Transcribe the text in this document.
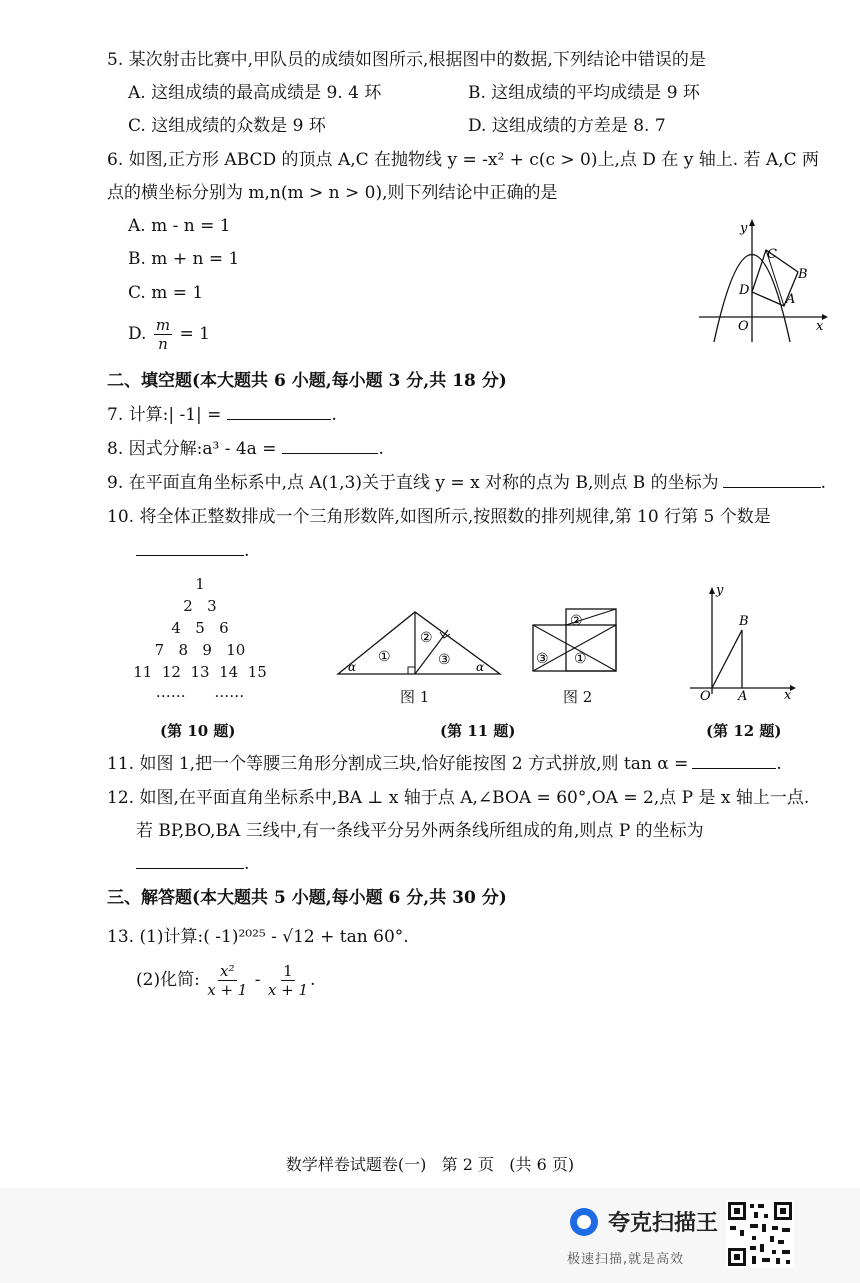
5. 某次射击比赛中,甲队员的成绩如图所示,根据图中的数据,下列结论中错误的是
A. 这组成绩的最高成绩是 9. 4 环	B. 这组成绩的平均成绩是 9 环
C. 这组成绩的众数是 9 环	D. 这组成绩的方差是 8. 7
6. 如图,正方形 ABCD 的顶点 A,C 在抛物线 y = -x² + c(c > 0)上,点 D 在 y 轴上. 若 A,C 两
点的横坐标分别为 m,n(m > n > 0),则下列结论中正确的是
A. m - n = 1
B. m + n = 1
C. m = 1
D. $\frac{m}{n} = 1$
y
x
O
A
B
C
D
二、填空题(本大题共 6 小题,每小题 3 分,共 18 分)
7. 计算:| -1| =	.
8. 因式分解:a³ - 4a =	.
9. 在平面直角坐标系中,点 A(1,3)关于直线 y = x 对称的点为 B,则点 B 的坐标为	.
10. 将全体正整数排成一个三角形数阵,如图所示,按照数的排列规律,第 10 行第 5 个数是
.
1
2   3
4   5   6
7   8   9   10
11  12  13  14  15
……      ……
①
②
③
α	α
图 1
②
③ ①
图 2
y
x
O A
B
(第 10 题)	(第 11 题)	(第 12 题)
11. 如图 1,把一个等腰三角形分割成三块,恰好能按图 2 方式拼放,则 tan α =	.
12. 如图,在平面直角坐标系中,BA ⊥ x 轴于点 A,∠BOA = 60°,OA = 2,点 P 是 x 轴上一点.
若 BP,BO,BA 三线中,有一条线平分另外两条线所组成的角,则点 P 的坐标为
.
三、解答题(本大题共 5 小题,每小题 6 分,共 30 分)
13. (1)计算:( -1)²⁰²⁵ - √12 + tan 60°.
(2)化简: $\frac{\text{x²}}{x + 1} - \frac{1}{x + 1}$ .
数学样卷试题卷(一)   第 2 页   (共 6 页)
夸克扫描王
极速扫描,就是高效
